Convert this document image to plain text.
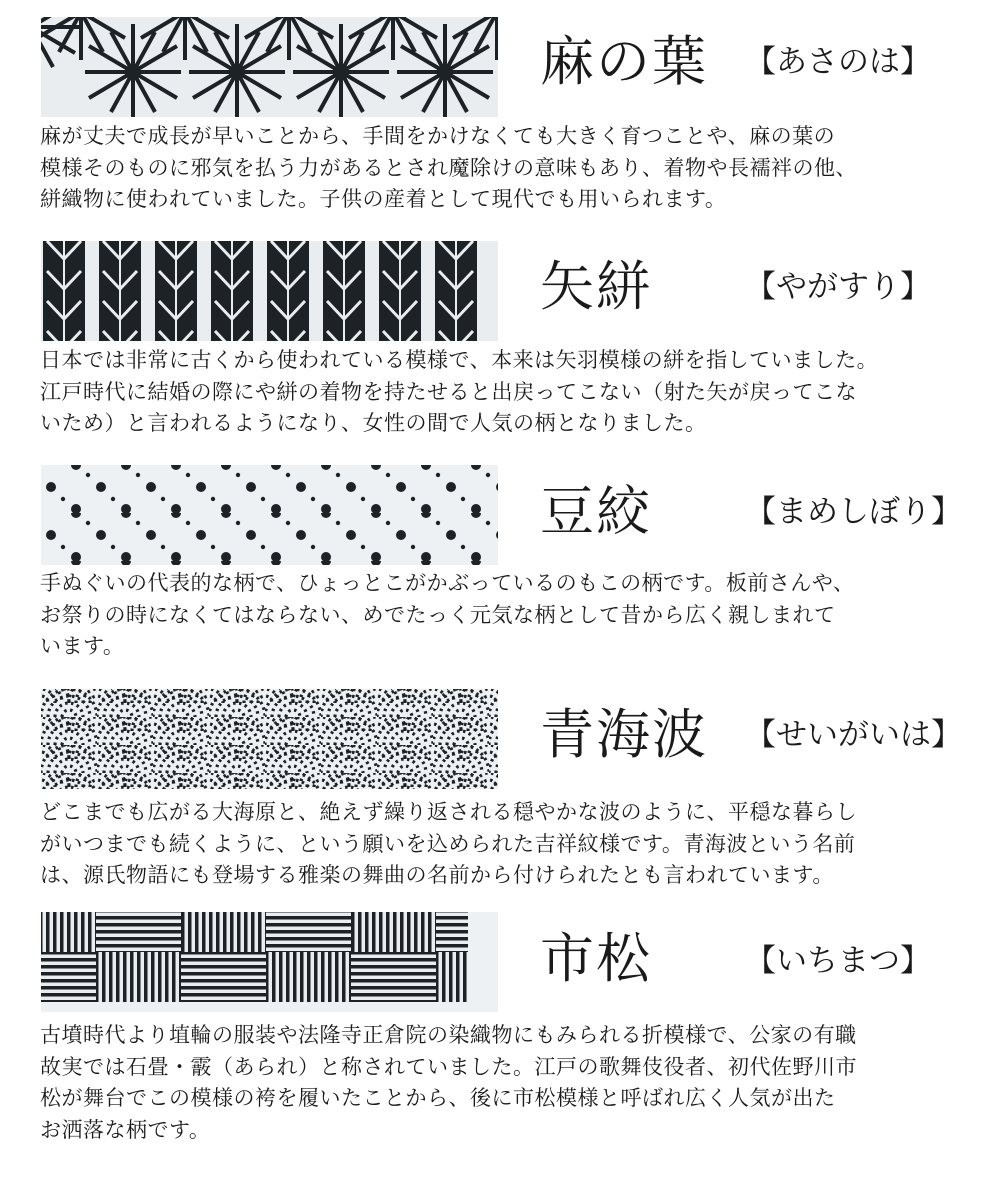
麻の葉 【あさのは】

麻が丈夫で成長が早いことから、手間をかけなくても大きく育つことや、麻の葉の
模様そのものに邪気を払う力があるとされ魔除けの意味もあり、着物や長襦袢の他、
絣織物に使われていました。子供の産着として現代でも用いられます。

矢絣	【やがすり】

日本では非常に古くから使われている模様で、本来は矢羽模様の絣を指していました。
江戸時代に結婚の際にや絣の着物を持たせると出戻ってこない（射た矢が戻ってこな
いため）と言われるようになり、女性の間で人気の柄となりました。

豆絞	【まめしぼり】

手ぬぐいの代表的な柄で、ひょっとこがかぶっているのもこの柄です。板前さんや、
お祭りの時になくてはならない、めでたっく元気な柄として昔から広く親しまれて
います。

青海波 【せいがいは】

どこまでも広がる大海原と、絶えず繰り返される穏やかな波のように、平穏な暮らし
がいつまでも続くように、という願いを込められた吉祥紋様です。青海波という名前
は、源氏物語にも登場する雅楽の舞曲の名前から付けられたとも言われています。

市松	【いちまつ】

古墳時代より埴輪の服装や法隆寺正倉院の染織物にもみられる折模様で、公家の有職
故実では石畳・霰（あられ）と称されていました。江戸の歌舞伎役者、初代佐野川市
松が舞台でこの模様の袴を履いたことから、後に市松模様と呼ばれ広く人気が出た
お洒落な柄です。
